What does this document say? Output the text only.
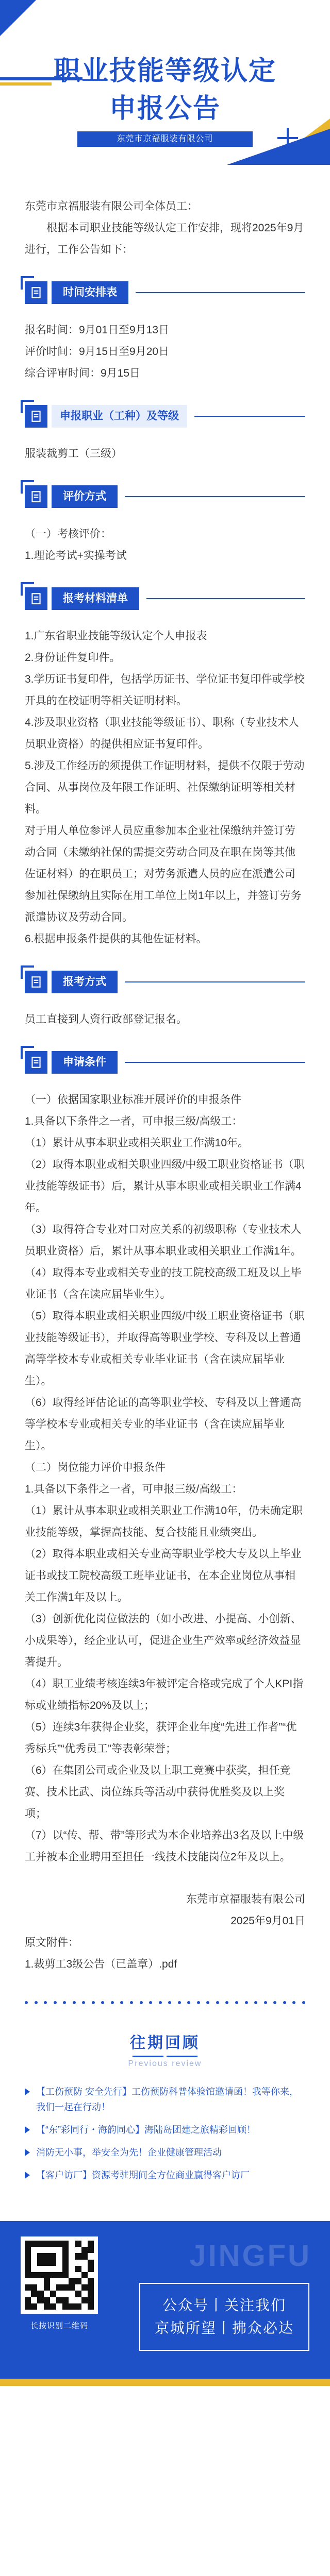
职业技能等级认定
申报公告
东莞市京福服装有限公司

东莞市京福服装有限公司全体员工：

根据本司职业技能等级认定工作安排，现将2025年9月进行，工作公告如下：

时间安排表

报名时间：9月01日至9月13日

评价时间：9月15日至9月20日

综合评审时间：9月15日

申报职业（工种）及等级

服装裁剪工（三级）

评价方式

（一）考核评价：

1.理论考试+实操考试

报考材料清单

1.广东省职业技能等级认定个人申报表

2.身份证件复印件。

3.学历证书复印件，包括学历证书、学位证书复印件或学校开具的在校证明等相关证明材料。

4.涉及职业资格（职业技能等级证书）、职称（专业技术人员职业资格）的提供相应证书复印件。

5.涉及工作经历的须提供工作证明材料，提供不仅限于劳动合同、从事岗位及年限工作证明、社保缴纳证明等相关材料。

对于用人单位参评人员应重参加本企业社保缴纳并签订劳动合同（未缴纳社保的需提交劳动合同及在职在岗等其他佐证材料）的在职员工；对劳务派遣人员的应在派遣公司参加社保缴纳且实际在用工单位上岗1年以上，并签订劳务派遣协议及劳动合同。

6.根据申报条件提供的其他佐证材料。

报考方式

员工直接到人资行政部登记报名。

申请条件

（一）依据国家职业标准开展评价的申报条件

1.具备以下条件之一者，可申报三级/高级工：

（1）累计从事本职业或相关职业工作满10年。

（2）取得本职业或相关职业四级/中级工职业资格证书（职业技能等级证书）后，累计从事本职业或相关职业工作满4年。

（3）取得符合专业对口对应关系的初级职称（专业技术人员职业资格）后，累计从事本职业或相关职业工作满1年。

（4）取得本专业或相关专业的技工院校高级工班及以上毕业证书（含在读应届毕业生）。

（5）取得本职业或相关职业四级/中级工职业资格证书（职业技能等级证书），并取得高等职业学校、专科及以上普通高等学校本专业或相关专业毕业证书（含在读应届毕业生）。

（6）取得经评估论证的高等职业学校、专科及以上普通高等学校本专业或相关专业的毕业证书（含在读应届毕业生）。

（二）岗位能力评价申报条件

1.具备以下条件之一者，可申报三级/高级工：

（1）累计从事本职业或相关职业工作满10年，仍未确定职业技能等级，掌握高技能、复合技能且业绩突出。

（2）取得本职业或相关专业高等职业学校大专及以上毕业证书或技工院校高级工班毕业证书，在本企业岗位从事相关工作满1年及以上。

（3）创新优化岗位做法的（如小改进、小提高、小创新、小成果等），经企业认可，促进企业生产效率或经济效益显著提升。

（4）职工业绩考核连续3年被评定合格或完成了个人KPI指标或业绩指标20%及以上；

（5）连续3年获得企业奖，获评企业年度“先进工作者”“优秀标兵”“优秀员工”等表彰荣誉；

（6）在集团公司或企业及以上职工竞赛中获奖，担任竞赛、技术比武、岗位练兵等活动中获得优胜奖及以上奖项；

（7）以“传、帮、带”等形式为本企业培养出3名及以上中级工并被本企业聘用至担任一线技术技能岗位2年及以上。

东莞市京福服装有限公司

2025年9月01日

原文附件：

1.裁剪工3级公告（已盖章）.pdf

往期回顾
Previous review
【工伤预防 安全先行】工伤预防科普体验馆邀请函！我等你来，我们一起在行动！
【“东”彩同行・海韵同心】海陆岛团建之旅精彩回顾！
消防无小事，举安全为先！企业健康管理活动
【客户访厂】资源考驻期间全方位商业赢得客户访厂
长按识别二维码
JINGFU
公众号丨关注我们
京城所望丨拂众必达
